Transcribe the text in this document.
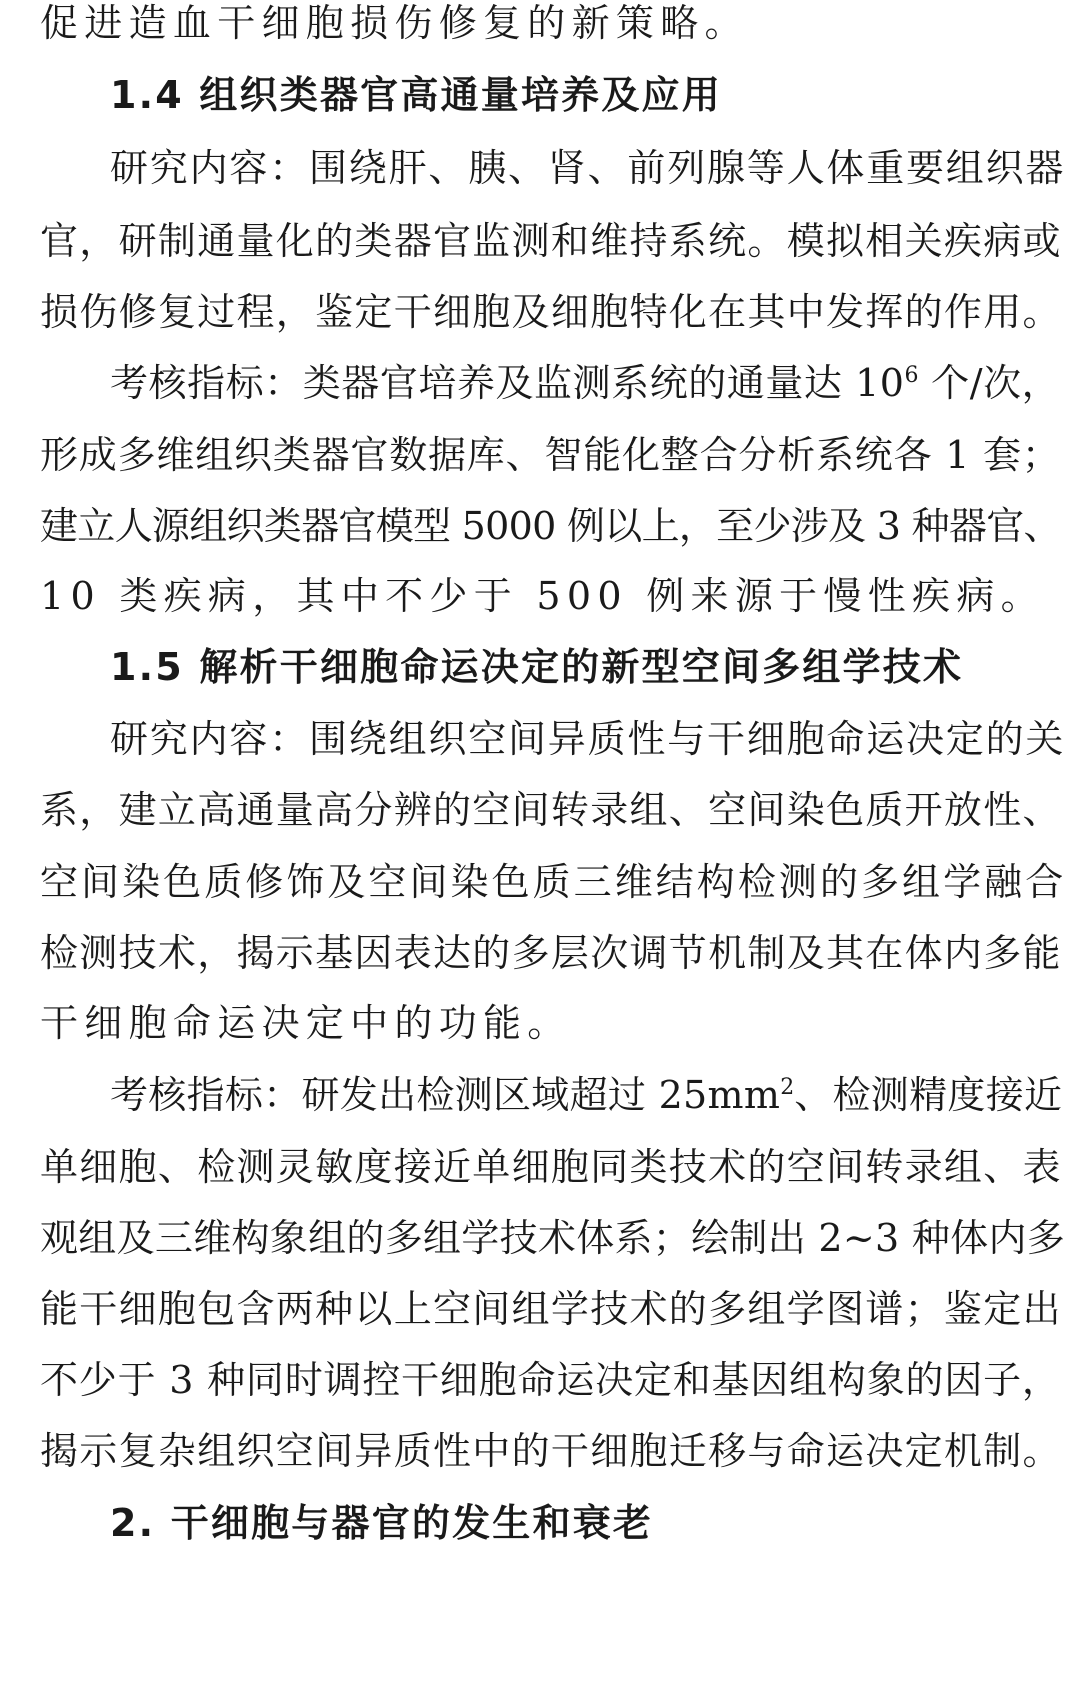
促进造血干细胞损伤修复的新策略。
1.4 组织类器官高通量培养及应用
研究内容：围绕肝、胰、肾、前列腺等人体重要组织器
官，研制通量化的类器官监测和维持系统。模拟相关疾病或
损伤修复过程，鉴定干细胞及细胞特化在其中发挥的作用。
考核指标：类器官培养及监测系统的通量达 $10^6$ 个/次，
形成多维组织类器官数据库、智能化整合分析系统各 1 套；
建立人源组织类器官模型 5000 例以上，至少涉及 3 种器官、
10 类疾病，其中不少于 500 例来源于慢性疾病。
1.5 解析干细胞命运决定的新型空间多组学技术
研究内容：围绕组织空间异质性与干细胞命运决定的关
系，建立高通量高分辨的空间转录组、空间染色质开放性、
空间染色质修饰及空间染色质三维结构检测的多组学融合
检测技术，揭示基因表达的多层次调节机制及其在体内多能
干细胞命运决定中的功能。
考核指标：研发出检测区域超过 $25mm^2$、检测精度接近
单细胞、检测灵敏度接近单细胞同类技术的空间转录组、表
观组及三维构象组的多组学技术体系；绘制出 2~3 种体内多
能干细胞包含两种以上空间组学技术的多组学图谱；鉴定出
不少于 3 种同时调控干细胞命运决定和基因组构象的因子，
揭示复杂组织空间异质性中的干细胞迁移与命运决定机制。
2. 干细胞与器官的发生和衰老
